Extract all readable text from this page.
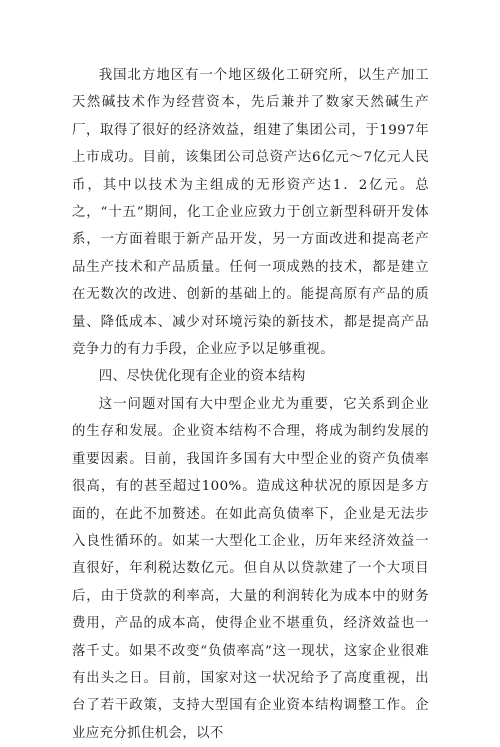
我国北方地区有一个地区级化工研究所，以生产加工天然碱技术作为经营资本，先后兼并了数家天然碱生产厂，取得了很好的经济效益，组建了集团公司，于1997年上市成功。目前，该集团公司总资产达6亿元～7亿元人民币，其中以技术为主组成的无形资产达1．2亿元。总之，“十五”期间，化工企业应致力于创立新型科研开发体系，一方面着眼于新产品开发，另一方面改进和提高老产品生产技术和产品质量。任何一项成熟的技术，都是建立在无数次的改进、创新的基础上的。能提高原有产品的质量、降低成本、减少对环境污染的新技术，都是提高产品竞争力的有力手段，企业应予以足够重视。

四、尽快优化现有企业的资本结构

这一问题对国有大中型企业尤为重要，它关系到企业的生存和发展。企业资本结构不合理，将成为制约发展的重要因素。目前，我国许多国有大中型企业的资产负债率很高，有的甚至超过100%。造成这种状况的原因是多方面的，在此不加赘述。在如此高负债率下，企业是无法步入良性循环的。如某一大型化工企业，历年来经济效益一直很好，年利税达数亿元。但自从以贷款建了一个大项目后，由于贷款的利率高，大量的利润转化为成本中的财务费用，产品的成本高，使得企业不堪重负，经济效益也一落千丈。如果不改变“负债率高”这一现状，这家企业很难有出头之日。目前，国家对这一状况给予了高度重视，出台了若干政策，支持大型国有企业资本结构调整工作。企业应充分抓住机会，以不
